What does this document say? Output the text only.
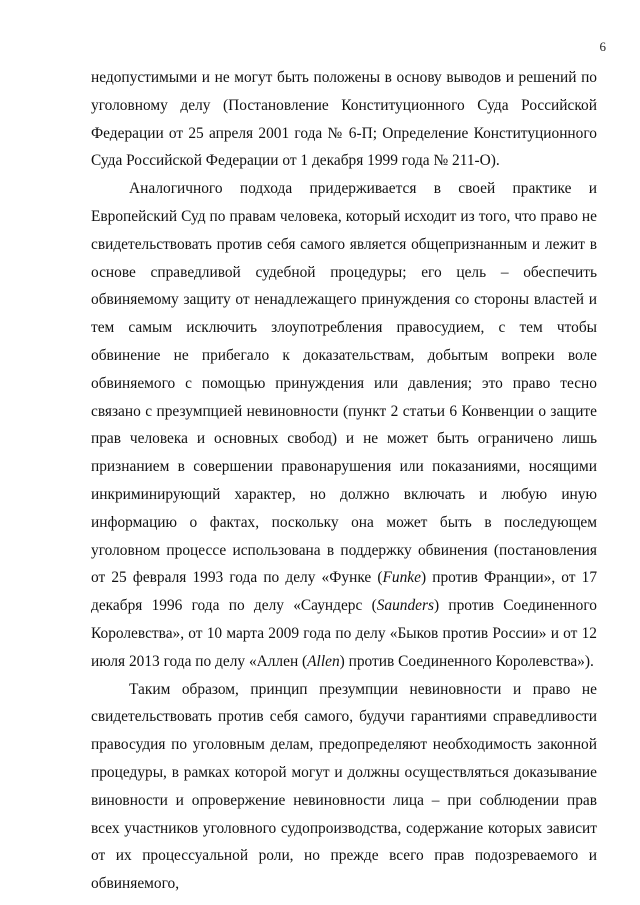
6

недопустимыми и не могут быть положены в основу выводов и решений по уголовному делу (Постановление Конституционного Суда Российской Федерации от 25 апреля 2001 года № 6-П; Определение Конституционного Суда Российской Федерации от 1 декабря 1999 года № 211-О).

Аналогичного подхода придерживается в своей практике и Европейский Суд по правам человека, который исходит из того, что право не свидетельствовать против себя самого является общепризнанным и лежит в основе справедливой судебной процедуры; его цель – обеспечить обвиняемому защиту от ненадлежащего принуждения со стороны властей и тем самым исключить злоупотребления правосудием, с тем чтобы обвинение не прибегало к доказательствам, добытым вопреки воле обвиняемого с помощью принуждения или давления; это право тесно связано с презумпцией невиновности (пункт 2 статьи 6 Конвенции о защите прав человека и основных свобод) и не может быть ограничено лишь признанием в совершении правонарушения или показаниями, носящими инкриминирующий характер, но должно включать и любую иную информацию о фактах, поскольку она может быть в последующем уголовном процессе использована в поддержку обвинения (постановления от 25 февраля 1993 года по делу «Функе (Funke) против Франции», от 17 декабря 1996 года по делу «Саундерс (Saunders) против Соединенного Королевства», от 10 марта 2009 года по делу «Быков против России» и от 12 июля 2013 года по делу «Аллен (Allen) против Соединенного Королевства»).

Таким образом, принцип презумпции невиновности и право не свидетельствовать против себя самого, будучи гарантиями справедливости правосудия по уголовным делам, предопределяют необходимость законной процедуры, в рамках которой могут и должны осуществляться доказывание виновности и опровержение невиновности лица – при соблюдении прав всех участников уголовного судопроизводства, содержание которых зависит от их процессуальной роли, но прежде всего прав подозреваемого и обвиняемого,
